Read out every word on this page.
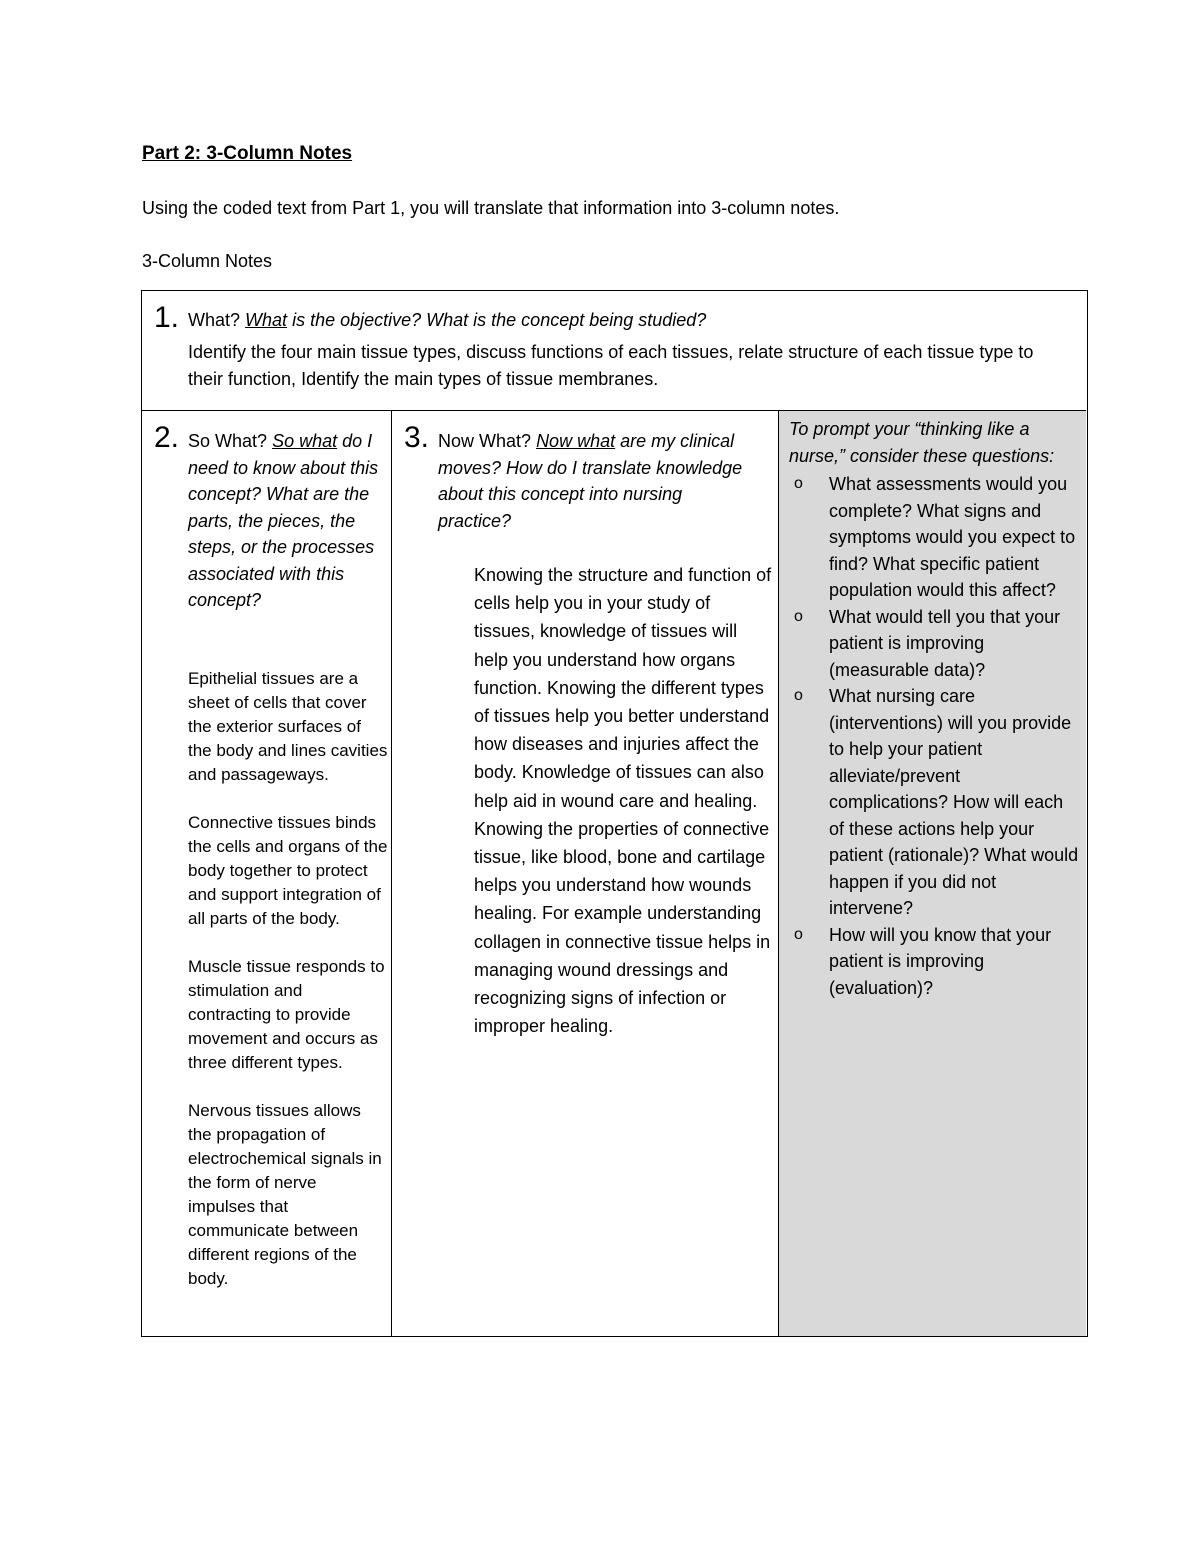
Part 2: 3-Column Notes
Using the coded text from Part 1, you will translate that information into 3-column notes.
3-Column Notes
1. What? What is the objective? What is the concept being studied?
Identify the four main tissue types, discuss functions of each tissues, relate structure of each tissue type to their function, Identify the main types of tissue membranes.
2. So What? So what do I need to know about this concept? What are the parts, the pieces, the steps, or the processes associated with this concept?

Epithelial tissues are a sheet of cells that cover the exterior surfaces of the body and lines cavities and passageways.

Connective tissues binds the cells and organs of the body together to protect and support integration of all parts of the body.

Muscle tissue responds to stimulation and contracting to provide movement and occurs as three different types.

Nervous tissues allows the propagation of electrochemical signals in the form of nerve impulses that communicate between different regions of the body.

3. Now What? Now what are my clinical moves? How do I translate knowledge about this concept into nursing practice?
Knowing the structure and function of cells help you in your study of tissues, knowledge of tissues will help you understand how organs function. Knowing the different types of tissues help you better understand how diseases and injuries affect the body. Knowledge of tissues can also help aid in wound care and healing. Knowing the properties of connective tissue, like blood, bone and cartilage helps you understand how wounds healing. For example understanding collagen in connective tissue helps in managing wound dressings and recognizing signs of infection or improper healing.
To prompt your “thinking like a nurse,” consider these questions:
o What assessments would you complete? What signs and symptoms would you expect to find? What specific patient population would this affect?
o What would tell you that your patient is improving (measurable data)?
o What nursing care (interventions) will you provide to help your patient alleviate/prevent complications? How will each of these actions help your patient (rationale)? What would happen if you did not intervene?
o How will you know that your patient is improving (evaluation)?
